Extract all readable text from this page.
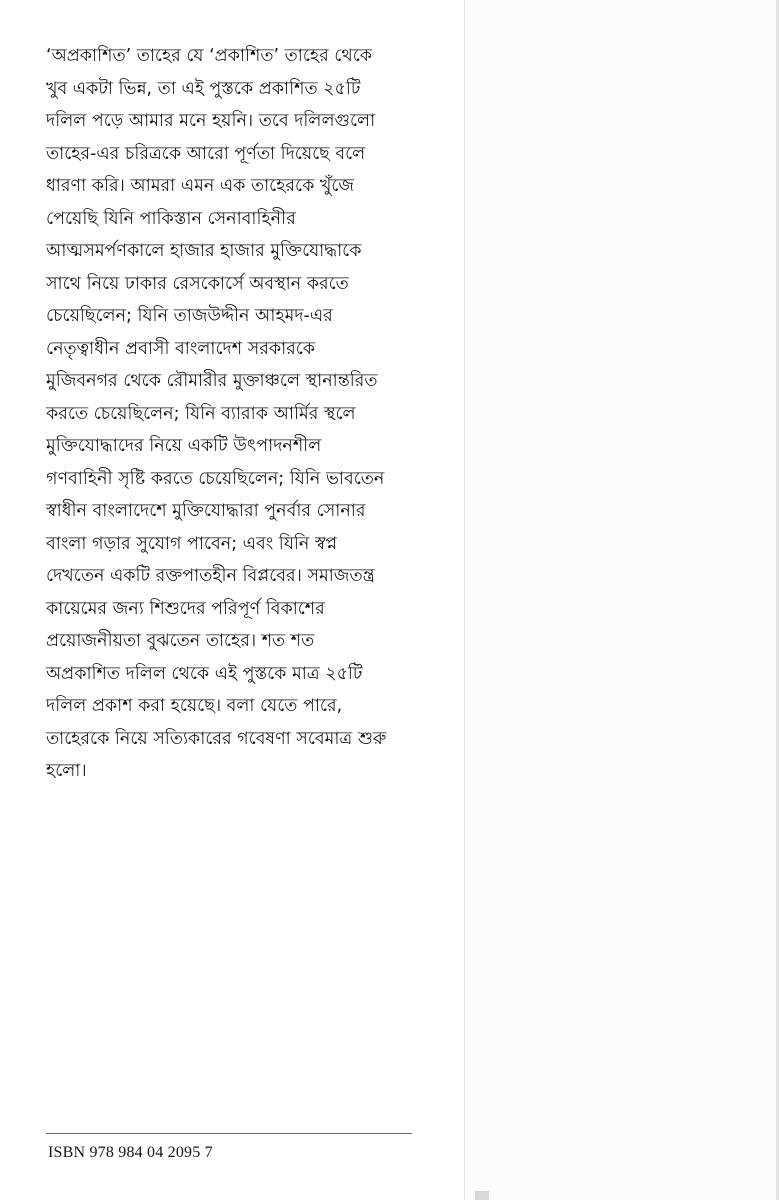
‘অপ্রকাশিত’ তাহের যে ‘প্রকাশিত’ তাহের থেকে
খুব একটা ভিন্ন, তা এই পুস্তকে প্রকাশিত ২৫টি
দলিল পড়ে আমার মনে হয়নি। তবে দলিলগুলো
তাহের-এর চরিত্রকে আরো পূর্ণতা দিয়েছে বলে
ধারণা করি। আমরা এমন এক তাহেরকে খুঁজে
পেয়েছি যিনি পাকিস্তান সেনাবাহিনীর
আত্মসমর্পণকালে হাজার হাজার মুক্তিযোদ্ধাকে
সাথে নিয়ে ঢাকার রেসকোর্সে অবস্থান করতে
চেয়েছিলেন; যিনি তাজউদ্দীন আহমদ-এর
নেতৃত্বাধীন প্রবাসী বাংলাদেশ সরকারকে
মুজিবনগর থেকে রৌমারীর মুক্তাঞ্চলে স্থানান্তরিত
করতে চেয়েছিলেন; যিনি ব্যারাক আর্মির স্থলে
মুক্তিযোদ্ধাদের নিয়ে একটি উৎপাদনশীল
গণবাহিনী সৃষ্টি করতে চেয়েছিলেন; যিনি ভাবতেন
স্বাধীন বাংলাদেশে মুক্তিযোদ্ধারা পুনর্বার সোনার
বাংলা গড়ার সুযোগ পাবেন; এবং যিনি স্বপ্ন
দেখতেন একটি রক্তপাতহীন বিপ্লবের। সমাজতন্ত্র
কায়েমের জন্য শিশুদের পরিপূর্ণ বিকাশের
প্রয়োজনীয়তা বুঝতেন তাহের। শত শত
অপ্রকাশিত দলিল থেকে এই পুস্তকে মাত্র ২৫টি
দলিল প্রকাশ করা হয়েছে। বলা যেতে পারে,
তাহেরকে নিয়ে সত্যিকারের গবেষণা সবেমাত্র শুরু
হলো।
ISBN 978 984 04 2095 7
